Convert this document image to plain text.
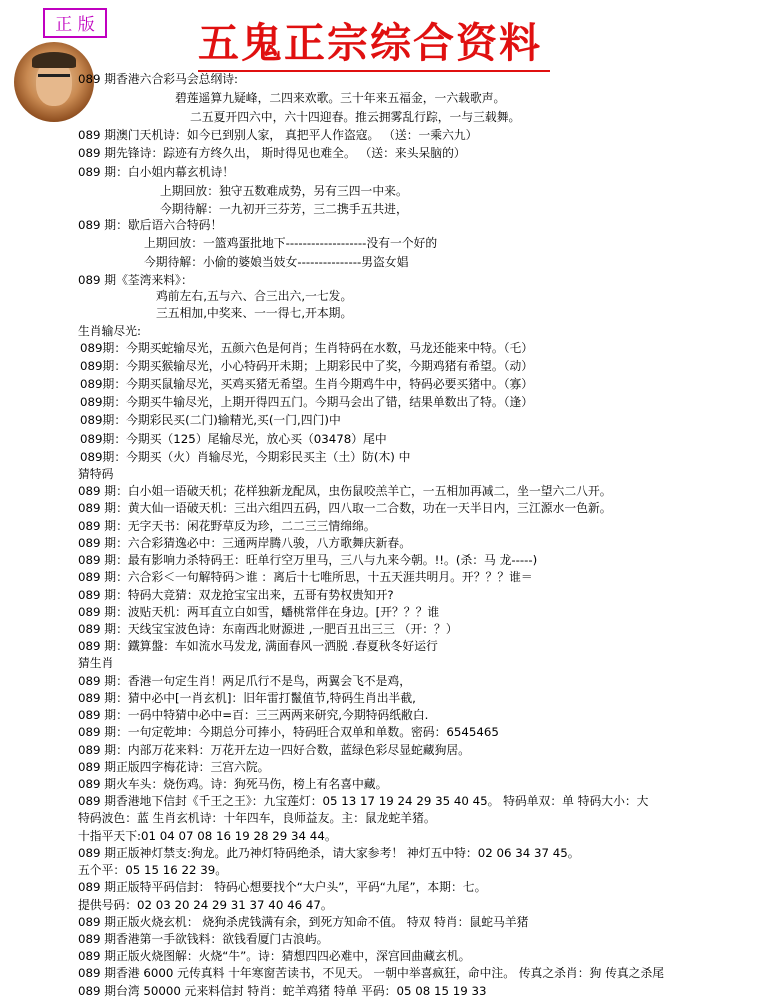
正 版	五鬼正宗综合资料
089 期香港六合彩马会总纲诗:
碧莲遥算九疑峰，二四来欢歌。三十年来五福金，一六载歌声。
二五夏开四六中，六十四迎春。推云拥雾乱行踪，一与三载舞。
089 期澳门天机诗：如今已到别人家， 真把平人作盗寇。 （送：一乘六九）
089 期先锋诗：踪迹有方终久出， 斯时得见也难全。 （送：来头呆脑的）
089 期：白小姐内幕玄机诗！
上期回放：独守五数难成势，另有三四一中来。
今期待解：一九初开三芬芳，三二携手五共进，
089 期：歇后语六合特码！
上期回放：一篮鸡蛋批地下-------------------没有一个好的
今期待解：小偷的婆娘当妓女---------------男盗女娼
089 期《荃湾来料》：
鸡前左右,五与六、合三出六,一七发。
三五相加,中奖来、一一得七,开本期。
生肖输尽光:
089期：今期买蛇输尽光，五颜六色是何肖；生肖特码在水数，马龙还能来中特。（乇）
089期：今期买猴输尽光，小心特码开未期；上期彩民中了奖，今期鸡猪有希望。（动）
089期：今期买鼠输尽光，买鸡买猪无希望。生肖今期鸡牛中，特码必要买猪中。（寡）
089期：今期买牛输尽光，上期开得四五门。今期马会出了错，结果单数出了特。（逢）
089期：今期彩民买(二门)输精光,买(一门,四门)中
089期：今期买（125）尾输尽光，放心买（03478）尾中
089期：今期买（火）肖输尽光，今期彩民买主（土）防(木) 中
猜特码
089 期：白小姐一语破天机；花样独新龙配凤，虫伤鼠咬羔羊亡，一五相加再减二，坐一望六二八开。
089 期：黄大仙一语破天机：三出六组四五码，四八取一二合数，功在一天半日内，三江源水一色新。
089 期：无字天书：闲花野草反为珍，二二三三情绵绵。
089 期：六合彩猜逸必中：三通两岸腾八骏，八方歌舞庆新春。
089 期：最有影响力杀特码王：旺单行空万里马，三八与九来今朝。!!。(杀：马 龙-----)
089 期：六合彩＜一句解特码＞谁 ：离后十七唯所思，十五天涯共明月。开？？？谁＝
089 期：特码大竞猜：双龙抢宝宝出来，五哥有势权贵知开?
089 期：波贴天机：两耳直立白如雪，蟠桃常伴在身边。[开？？？谁
089 期：天线宝宝波色诗：东南西北财源进 ,一肥百丑出三三 （开：？）
089 期：鐵算盤：车如流水马发龙, 满面春风一洒脱 .春夏秋冬好运行
猜生肖
089 期：香港一句定生肖！两足爪行不是鸟，两翼会飞不是鸡，
089 期：猜中必中[一肖玄机]：旧年雷打鬣值节,特码生肖出半截,
089 期：一码中特猜中必中=百：三三两两来研究,今期特码纸敝白.
089 期：一句定乾坤：今期总分可捧小，特码旺合双单和单数。密码：6545465
089 期：内部万花来料：万花开左边一四好合数，蓝绿色彩尽显蛇藏狗居。
089 期正版四字梅花诗：三宫六院。
089 期火车头：烧伤鸡。诗：狗死马伤，榜上有名喜中藏。
089 期香港地下信封《千王之王》：九宝莲灯：05 13 17 19 24 29 35 40 45。 特码单双：单 特码大小：大
特码波色：蓝 生肖玄机诗：十年四车，良师益友。主：鼠龙蛇羊猪。
十指平天下:01 04 07 08 16 19 28 29 34 44。
089 期正版神灯禁支:狗龙。此乃神灯特码绝杀，请大家参考！ 神灯五中特：02 06 34 37 45。
五个平：05 15 16 22 39。
089 期正版特平码信封： 特码心想要找个“大户头”，平码“九尾”，本期：七。
提供号码：02 03 20 24 29 31 37 40 46 47。
089 期正版火烧玄机： 烧狗杀虎钱满有余，到死方知命不值。 特双 特肖：鼠蛇马羊猪
089 期香港第一手欲钱料：欲钱看厦门古浪屿。
089 期正版火烧图解：火烧“牛”。诗：猜想四四必难中，深宫回曲藏玄机。
089 期香港 6000 元传真料 十年寒窗苦读书，不见天。 一朝中举喜疯狂，命中注。 传真之杀肖：狗 传真之杀尾
089 期台湾 50000 元来料信封 特肖：蛇羊鸡猪 特单 平码：05 08 15 19 33
